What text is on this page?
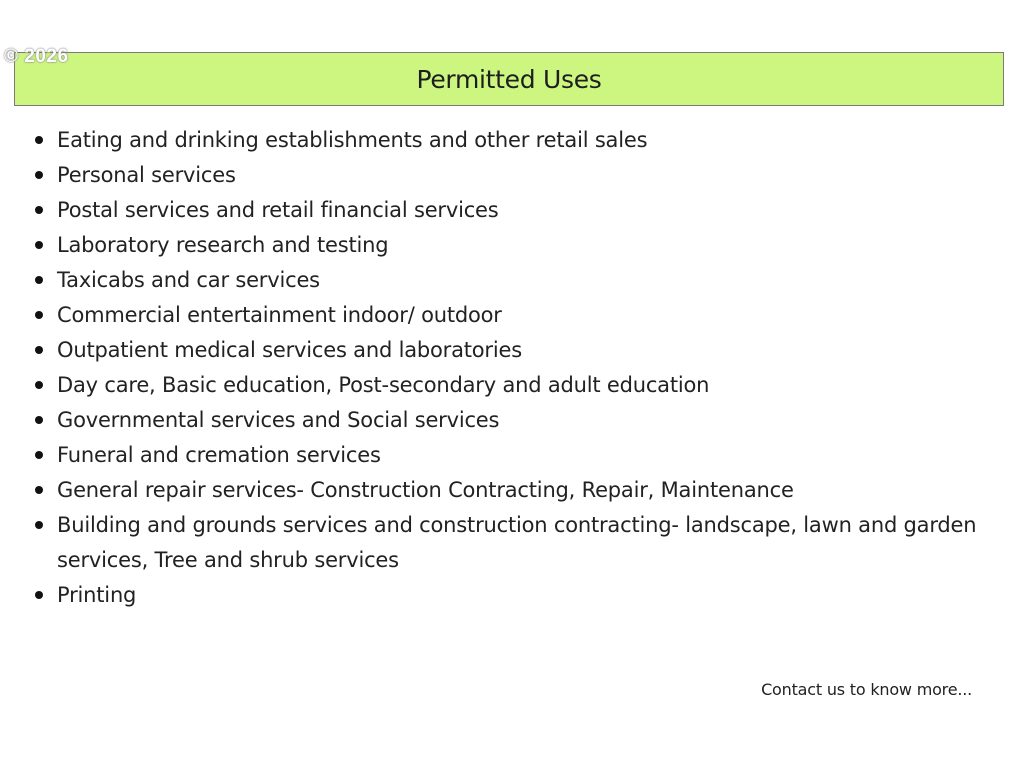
© 2026
Permitted Uses
Eating and drinking establishments and other retail sales
Personal services
Postal services and retail financial services
Laboratory research and testing
Taxicabs and car services
Commercial entertainment indoor/ outdoor
Outpatient medical services and laboratories
Day care, Basic education, Post-secondary and adult education
Governmental services and Social services
Funeral and cremation services
General repair services- Construction Contracting, Repair, Maintenance
Building and grounds services and construction contracting- landscape, lawn and garden services, Tree and shrub services
Printing
Contact us to know more...
